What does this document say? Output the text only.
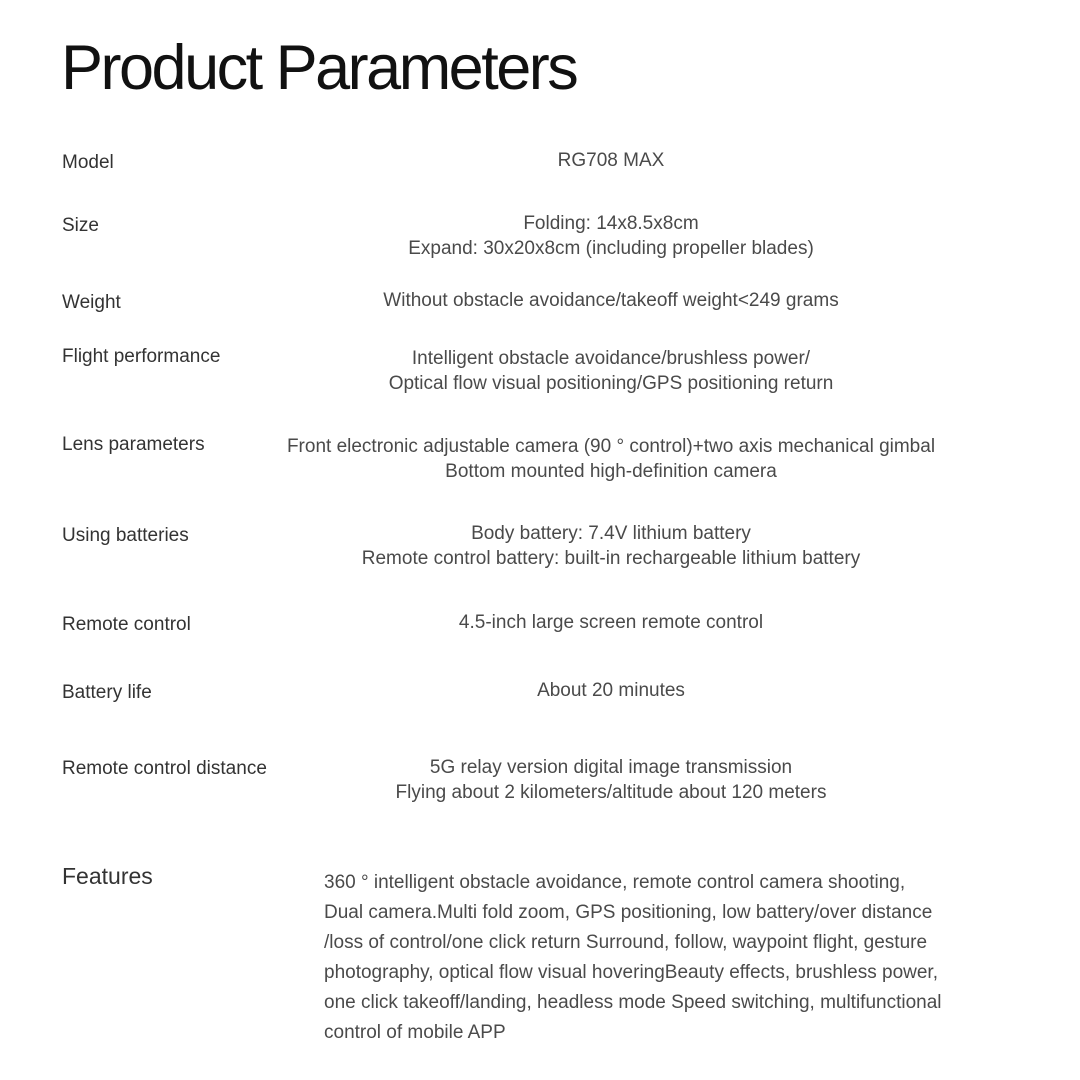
Product Parameters
Model	RG708 MAX
Size	Folding: 14x8.5x8cm
Expand: 30x20x8cm (including propeller blades)
Weight	Without obstacle avoidance/takeoff weight<249 grams
Flight performance	Intelligent obstacle avoidance/brushless power/
Optical flow visual positioning/GPS positioning return
Lens parameters	Front electronic adjustable camera (90 ° control)+two axis mechanical gimbal
Bottom mounted high-definition camera
Using batteries	Body battery: 7.4V lithium battery
Remote control battery: built-in rechargeable lithium battery
Remote control	4.5-inch large screen remote control
Battery life	About 20 minutes
Remote control distance	5G relay version digital image transmission
Flying about 2 kilometers/altitude about 120 meters
Features	360 ° intelligent obstacle avoidance, remote control camera shooting,
Dual camera.Multi fold zoom, GPS positioning, low battery/over distance
/loss of control/one click return Surround, follow, waypoint flight, gesture
photography, optical flow visual hoveringBeauty effects, brushless power,
one click takeoff/landing, headless mode Speed switching, multifunctional
control of mobile APP
